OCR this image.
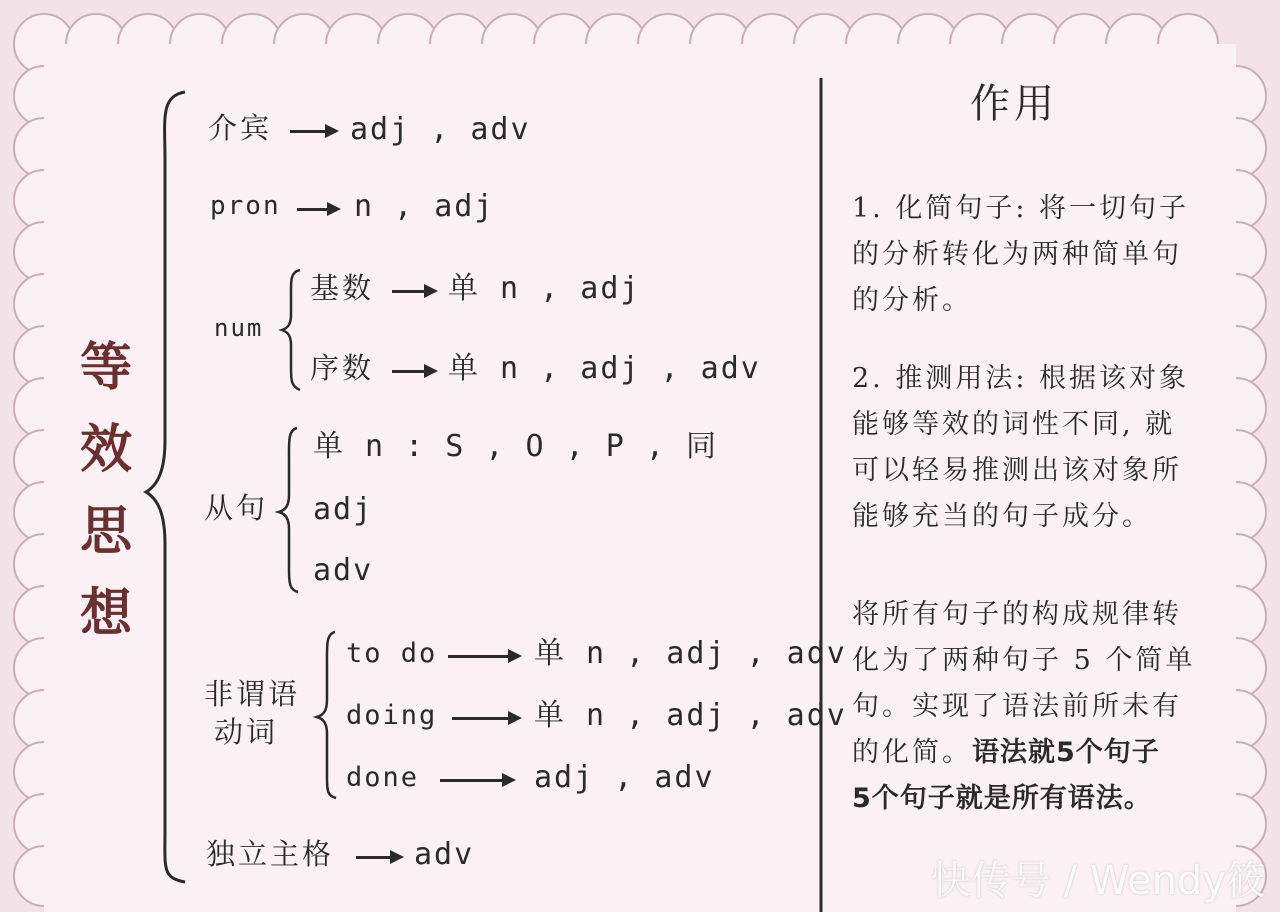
等
效
思
想
介宾	adj , adv
pron n , adj
num
基数 单 n , adj
序数 单 n , adj , adv
从句
单 n : S , O , P , 同
adj
adv
非谓语
动词
to do	单 n , adj , adv
doing	单 n , adj , adv
done	adj , adv
独立主格	adv
作用
1. 化简句子: 将一切句子
的分析转化为两种简单句
的分析。
2. 推测用法: 根据该对象
能够等效的词性不同, 就
可以轻易推测出该对象所
能够充当的句子成分。
将所有句子的构成规律转
化为了两种句子 5 个简单
句。实现了语法前所未有
的化简。语法就5个句子
5个句子就是所有语法。
快传号 / Wendy筱
